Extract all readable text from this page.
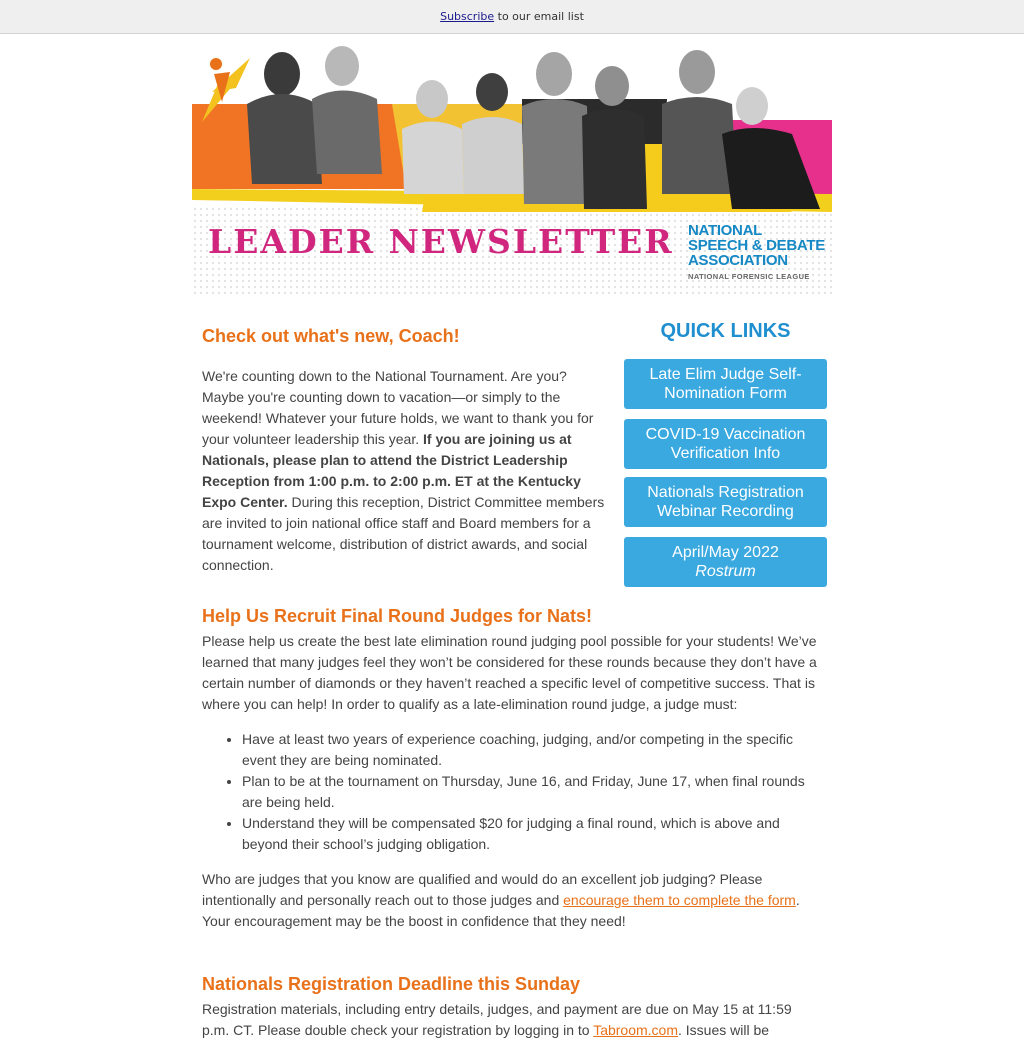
Subscribe to our email list
LEADER NEWSLETTER NATIONAL
SPEECH & DEBATE
ASSOCIATION
NATIONAL FORENSIC LEAGUE
Check out what's new, Coach!

We're counting down to the National Tournament. Are you? Maybe you're counting down to vacation—or simply to the weekend! Whatever your future holds, we want to thank you for your volunteer leadership this year. If you are joining us at Nationals, please plan to attend the District Leadership Reception from 1:00 p.m. to 2:00 p.m. ET at the Kentucky Expo Center. During this reception, District Committee members are invited to join national office staff and Board members for a tournament welcome, distribution of district awards, and social connection.

QUICK LINKS
Late Elim Judge Self-
Nomination Form
COVID-19 Vaccination
Verification Info
Nationals Registration
Webinar Recording
April/May 2022
Rostrum
Help Us Recruit Final Round Judges for Nats!

Please help us create the best late elimination round judging pool possible for your students! We’ve learned that many judges feel they won’t be considered for these rounds because they don’t have a certain number of diamonds or they haven’t reached a specific level of competitive success. That is where you can help! In order to qualify as a late-elimination round judge, a judge must:

• Have at least two years of experience coaching, judging, and/or competing in the specific event they are being nominated.
• Plan to be at the tournament on Thursday, June 16, and Friday, June 17, when final rounds are being held.
• Understand they will be compensated $20 for judging a final round, which is above and beyond their school’s judging obligation.

Who are judges that you know are qualified and would do an excellent job judging? Please intentionally and personally reach out to those judges and encourage them to complete the form. Your encouragement may be the boost in confidence that they need!

Nationals Registration Deadline this Sunday

Registration materials, including entry details, judges, and payment are due on May 15 at 11:59 p.m. CT. Please double check your registration by logging in to Tabroom.com. Issues will be
